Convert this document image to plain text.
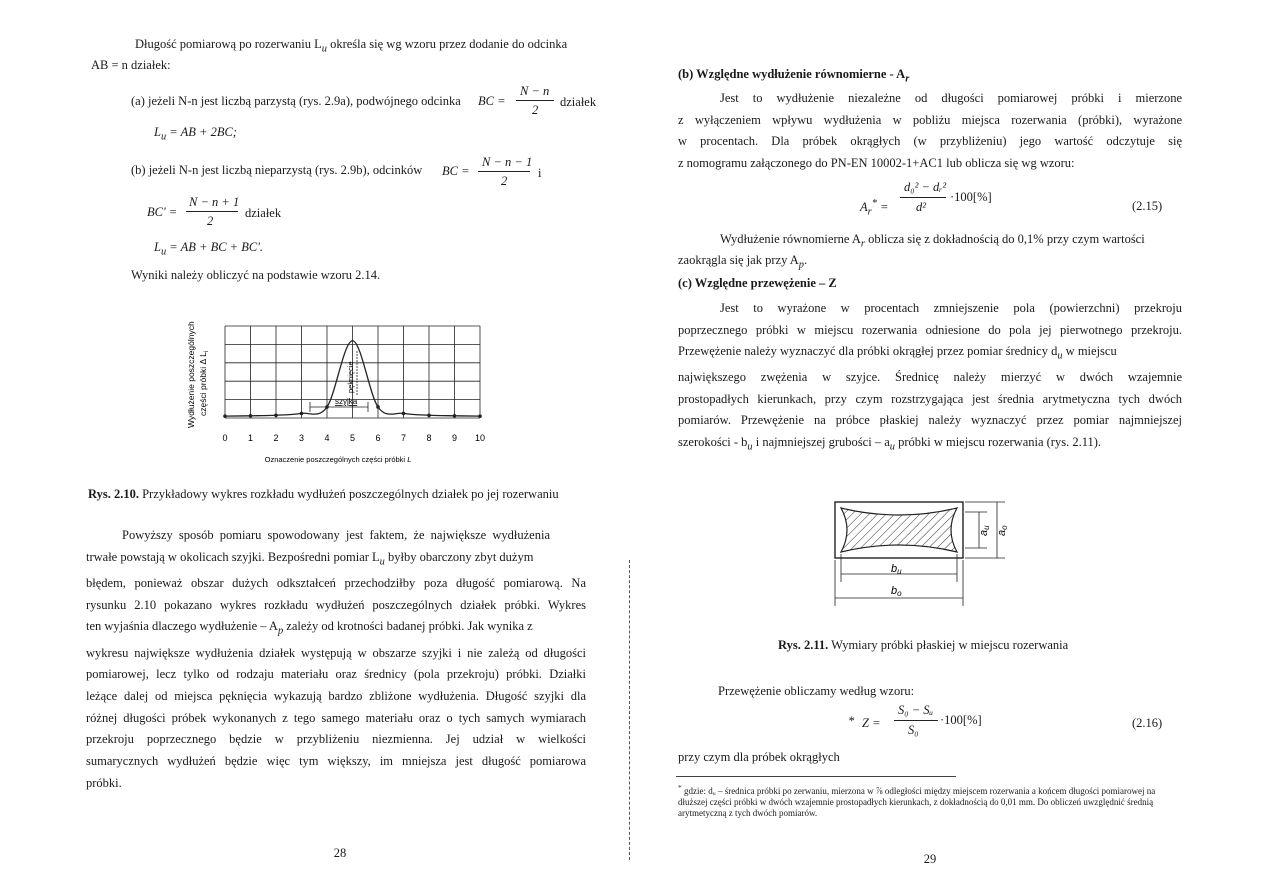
Długość pomiarową po rozerwaniu $L_u$ określa się wg wzoru przez dodanie do odcinka
AB = n działek:
(a) jeżeli N-n jest liczbą parzystą (rys. 2.9a), podwójnego odcinka BC =
N − n
2
działek
$L_u$ = AB + 2BC;
(b) jeżeli N-n jest liczbą nieparzystą (rys. 2.9b), odcinków BC =
N − n − 1
2
i
BC' =
N − n + 1
2
działek
$L_u$ = AB + BC + BC'.
Wyniki należy obliczyć na podstawie wzoru 2.14.
0 1 2 3 4 5 6 7 8 9 10
szyjka
pęknięcie
Wydłużenie poszczególnych części próbki Δ $L_i$
Oznaczenie poszczególnych części próbki L
Rys. 2.10. Przykładowy wykres rozkładu wydłużeń poszczególnych działek po jej rozerwaniu
Powyższy sposób pomiaru spowodowany jest faktem, że największe wydłużenia
trwałe powstają w okolicach szyjki. Bezpośredni pomiar $L_u$ byłby obarczony zbyt dużym
błędem, ponieważ obszar dużych odkształceń przechodziłby poza długość pomiarową. Na
rysunku 2.10 pokazano wykres rozkładu wydłużeń poszczególnych działek próbki. Wykres
ten wyjaśnia dlaczego wydłużenie – $A_p$ zależy od krotności badanej próbki. Jak wynika z
wykresu największe wydłużenia działek występują w obszarze szyjki i nie zależą od długości
pomiarowej, lecz tylko od rodzaju materiału oraz średnicy (pola przekroju) próbki. Działki
leżące dalej od miejsca pęknięcia wykazują bardzo zbliżone wydłużenia. Długość szyjki dla
różnej długości próbek wykonanych z tego samego materiału oraz o tych samych wymiarach
przekroju poprzecznego będzie w przybliżeniu niezmienna. Jej udział w wielkości
sumarycznych wydłużeń będzie więc tym większy, im mniejsza jest długość pomiarowa
próbki.
28
(b) Względne wydłużenie równomierne - $A_r$
Jest to wydłużenie niezależne od długości pomiarowej próbki i mierzone
z wyłączeniem wpływu wydłużenia w pobliżu miejsca rozerwania (próbki), wyrażone
w procentach. Dla próbek okrągłych (w przybliżeniu) jego wartość odczytuje się
z nomogramu załączonego do PN-EN 10002-1+AC1 lub oblicza się wg wzoru:
$A_r^*$ =
d₀² − dᵣ²
d²
·100[%]
(2.15)
Wydłużenie równomierne $A_r$ oblicza się z dokładnością do 0,1% przy czym wartości
zaokrągla się jak przy $A_p$.
(c) Względne przewężenie – Z
Jest to wyrażone w procentach zmniejszenie pola (powierzchni) przekroju
poprzecznego próbki w miejscu rozerwania odniesione do pola jej pierwotnego przekroju.
Przewężenie należy wyznaczyć dla próbki okrągłej przez pomiar średnicy $d_u$ w miejscu
największego zwężenia w szyjce. Średnicę należy mierzyć w dwóch wzajemnie
prostopadłych kierunkach, przy czym rozstrzygająca jest średnia arytmetyczna tych dwóch
pomiarów. Przewężenie na próbce płaskiej należy wyznaczyć przez pomiar najmniejszej
szerokości - $b_u$ i najmniejszej grubości – $a_u$ próbki w miejscu rozerwania (rys. 2.11).
au
ao
bu
bo
Rys. 2.11. Wymiary próbki płaskiej w miejscu rozerwania
Przewężenie obliczamy według wzoru:
* Z =
S₀ − Sᵤ
S₀
·100[%]	(2.16)
przy czym dla próbek okrągłych
* gdzie: dᵤ – średnica próbki po zerwaniu, mierzona w ⅞ odległości między miejscem rozerwania a końcem długości pomiarowej na dłuższej części próbki w dwóch wzajemnie prostopadłych kierunkach, z dokładnością do 0,01 mm. Do obliczeń uwzględnić średnią arytmetyczną z tych dwóch pomiarów.
29
